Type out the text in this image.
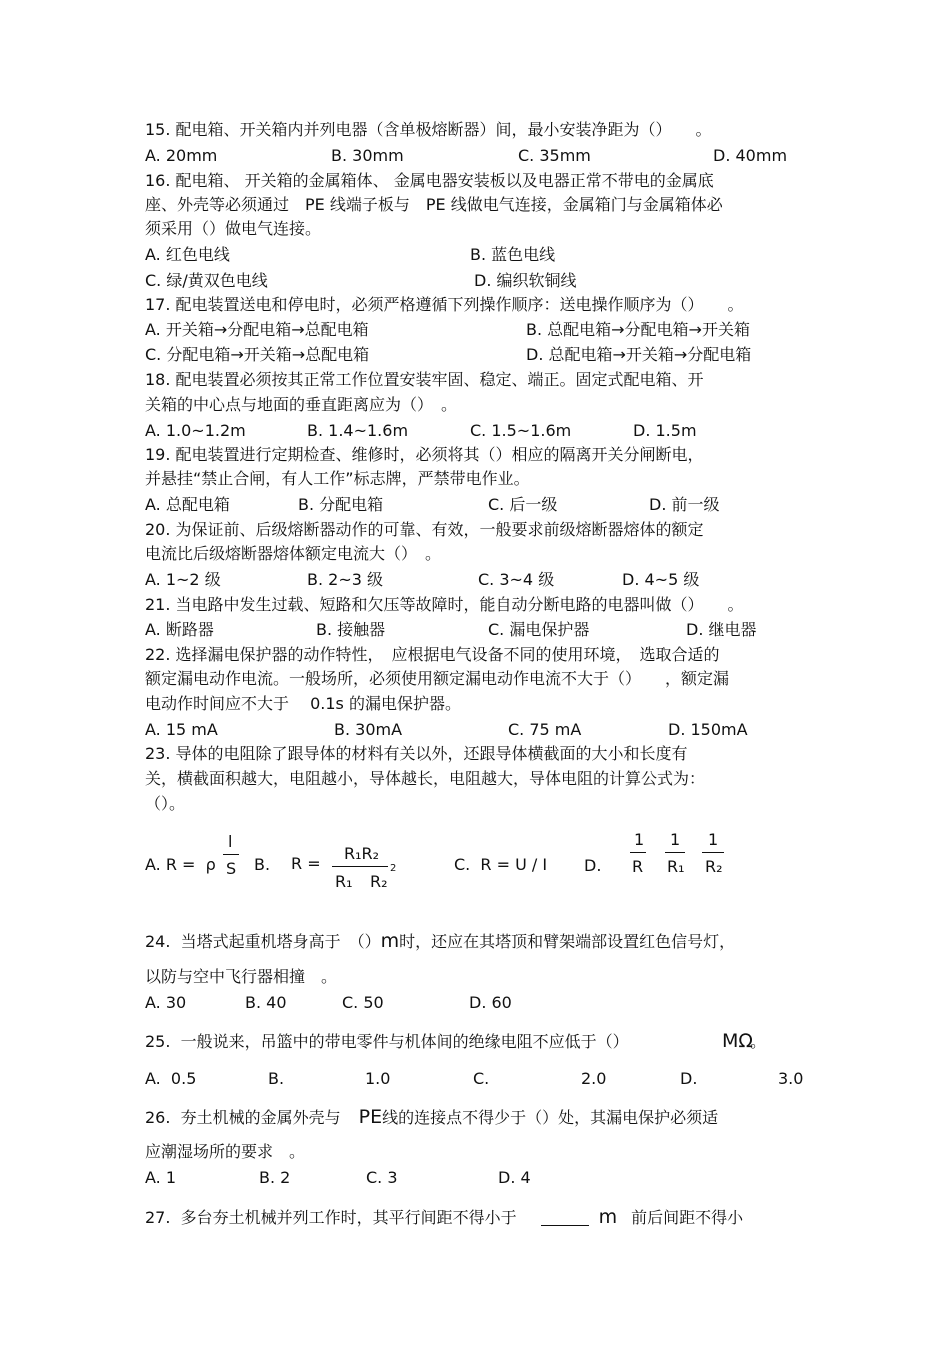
15. 配电箱、开关箱内并列电器（含单极熔断器）间，最小安装净距为（）　　。
A. 20mm	B. 30mm	C. 35mm	D. 40mm
16. 配电箱、 开关箱的金属箱体、 金属电器安装板以及电器正常不带电的金属底
座、外壳等必须通过　PE 线端子板与　PE 线做电气连接，金属箱门与金属箱体必
须采用（）做电气连接。
A. 红色电线	B. 蓝色电线
C. 绿/黄双色电线	D. 编织软铜线
17. 配电装置送电和停电时，必须严格遵循下列操作顺序：送电操作顺序为（）　　。
A. 开关箱→分配电箱→总配电箱	B. 总配电箱→分配电箱→开关箱
C. 分配电箱→开关箱→总配电箱	D. 总配电箱→开关箱→分配电箱
18. 配电装置必须按其正常工作位置安装牢固、稳定、端正。固定式配电箱、开
关箱的中心点与地面的垂直距离应为（）　。
A. 1.0~1.2m	B. 1.4~1.6m	C. 1.5~1.6m	D. 1.5m
19. 配电装置进行定期检查、维修时，必须将其（）相应的隔离开关分闸断电，
并悬挂“禁止合闸，有人工作”标志牌，严禁带电作业。
A. 总配电箱	B. 分配电箱	C. 后一级	D. 前一级
20. 为保证前、后级熔断器动作的可靠、有效，一般要求前级熔断器熔体的额定
电流比后级熔断器熔体额定电流大（）　。
A. 1~2 级	B. 2~3 级	C. 3~4 级	D. 4~5 级
21. 当电路中发生过载、短路和欠压等故障时，能自动分断电路的电器叫做（）　　。
A. 断路器	B. 接触器	C. 漏电保护器	D. 继电器
22. 选择漏电保护器的动作特性，　应根据电气设备不同的使用环境，　选取合适的
额定漏电动作电流。一般场所，必须使用额定漏电动作电流不大于（）　　，额定漏
电动作时间应不大于　 0.1s 的漏电保护器。
A. 15 mA	B. 30mA	C. 75 mA	D. 150mA
23. 导体的电阻除了跟导体的材料有关以外，还跟导体横截面的大小和长度有
关，横截面积越大，电阻越小，导体越长，电阻越大，导体电阻的计算公式为：
（）。
A. R =  ρ
l
S B. R =
R₁R₂
R₁ R₂
2	C.  R = U / I D.
1
R
1
R₁
1
R₂
24.  当塔式起重机塔身高于　（）m时，还应在其塔顶和臂架端部设置红色信号灯，
以防与空中飞行器相撞　。
A. 30	B. 40	C. 50	D. 60
25.  一般说来，吊篮中的带电零件与机体间的绝缘电阻不应低于（）	MΩ
。
A.  0.5	B.	1.0	C.	2.0	D.	3.0
26.  夯土机械的金属外壳与 PE线的连接点不得少于（）处，其漏电保护必须适
应潮湿场所的要求　。
A. 1	B. 2	C. 3	D. 4
27.  多台夯土机械并列工作时，其平行间距不得小于	m 前后间距不得小
